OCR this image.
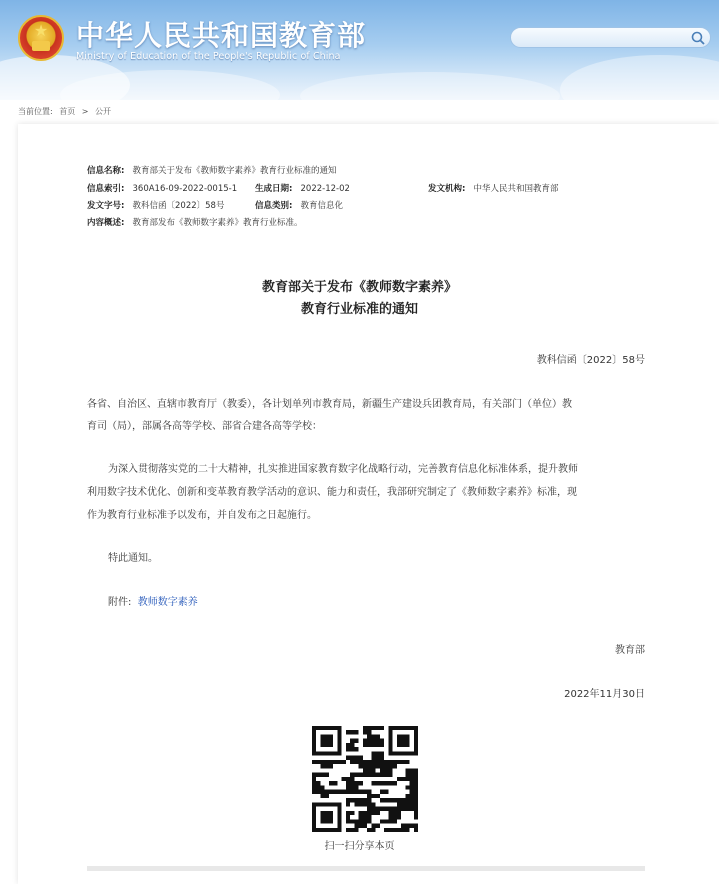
★ 中华人民共和国教育部
Ministry of Education of the People's Republic of China
当前位置: 首页 > 公开
信息名称: 教育部关于发布《教师数字素养》教育行业标准的通知
信息索引: 360A16-09-2022-0015-1 生成日期: 2022-12-02	发文机构: 中华人民共和国教育部
发文字号: 教科信函〔2022〕58号	信息类别: 教育信息化
内容概述: 教育部发布《教师数字素养》教育行业标准。
教育部关于发布《教师数字素养》
教育行业标准的通知
教科信函〔2022〕58号
各省、自治区、直辖市教育厅（教委），各计划单列市教育局，新疆生产建设兵团教育局，有关部门（单位）教
育司（局），部属各高等学校、部省合建各高等学校：
为深入贯彻落实党的二十大精神，扎实推进国家教育数字化战略行动，完善教育信息化标准体系，提升教师
利用数字技术优化、创新和变革教育教学活动的意识、能力和责任，我部研究制定了《教师数字素养》标准，现
作为教育行业标准予以发布，并自发布之日起施行。
特此通知。
附件: 教师数字素养
教育部
2022年11月30日
扫一扫分享本页
